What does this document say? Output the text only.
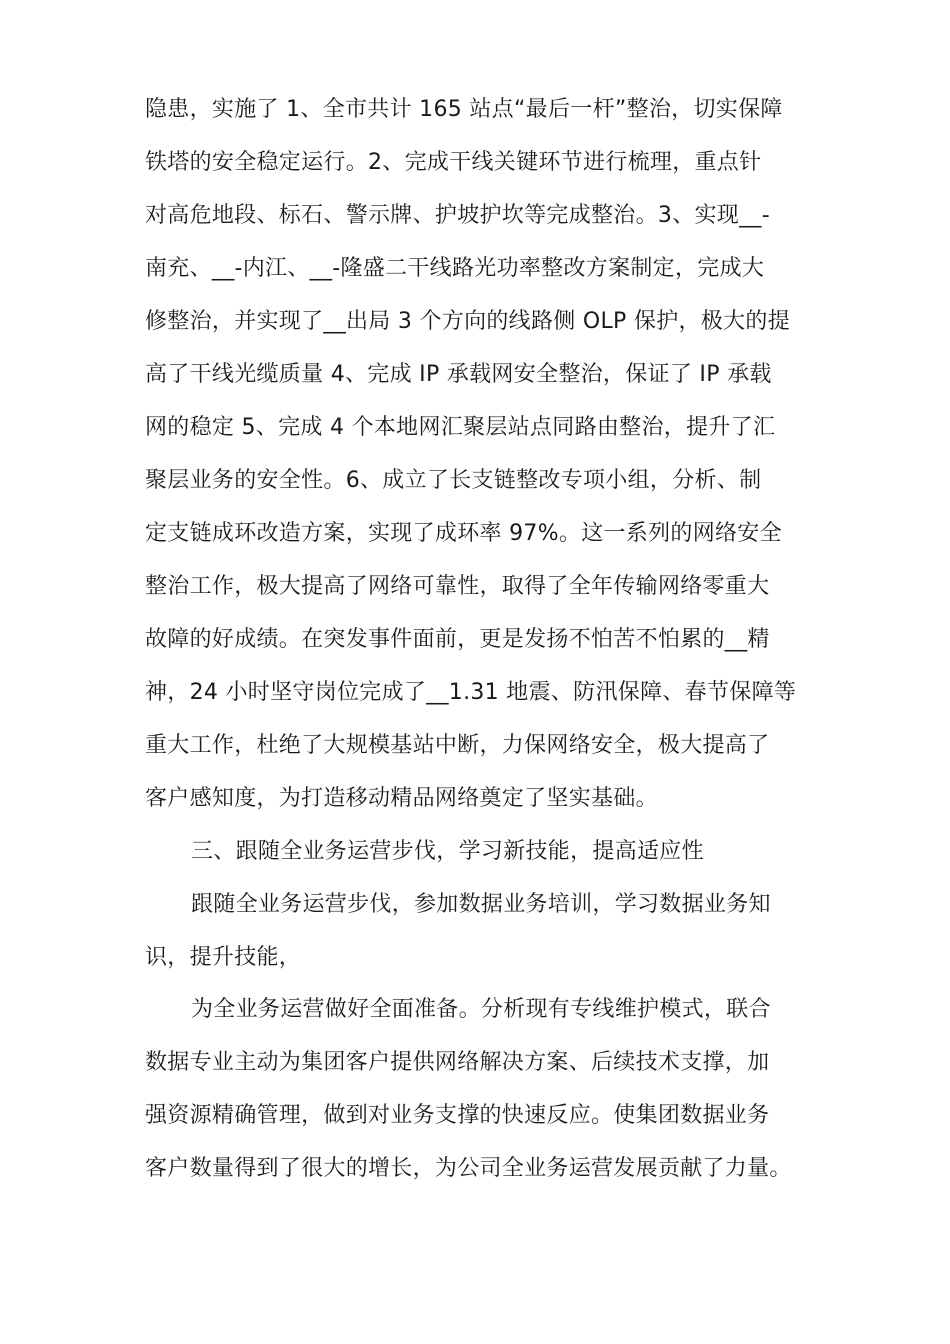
隐患，实施了 1、全市共计 165 站点“最后一杆”整治，切实保障
铁塔的安全稳定运行。2、完成干线关键环节进行梳理，重点针
对高危地段、标石、警示牌、护坡护坎等完成整治。3、实现__-
南充、__-内江、__-隆盛二干线路光功率整改方案制定，完成大
修整治，并实现了__出局 3 个方向的线路侧 OLP 保护，极大的提
高了干线光缆质量 4、完成 IP 承载网安全整治，保证了 IP 承载
网的稳定 5、完成 4 个本地网汇聚层站点同路由整治，提升了汇
聚层业务的安全性。6、成立了长支链整改专项小组，分析、制
定支链成环改造方案，实现了成环率 97%。这一系列的网络安全
整治工作，极大提高了网络可靠性，取得了全年传输网络零重大
故障的好成绩。在突发事件面前，更是发扬不怕苦不怕累的__精
神，24 小时坚守岗位完成了__1.31 地震、防汛保障、春节保障等
重大工作，杜绝了大规模基站中断，力保网络安全，极大提高了
客户感知度，为打造移动精品网络奠定了坚实基础。
三、跟随全业务运营步伐，学习新技能，提高适应性
跟随全业务运营步伐，参加数据业务培训，学习数据业务知
识，提升技能，
为全业务运营做好全面准备。分析现有专线维护模式，联合
数据专业主动为集团客户提供网络解决方案、后续技术支撑，加
强资源精确管理，做到对业务支撑的快速反应。使集团数据业务
客户数量得到了很大的增长，为公司全业务运营发展贡献了力量。
